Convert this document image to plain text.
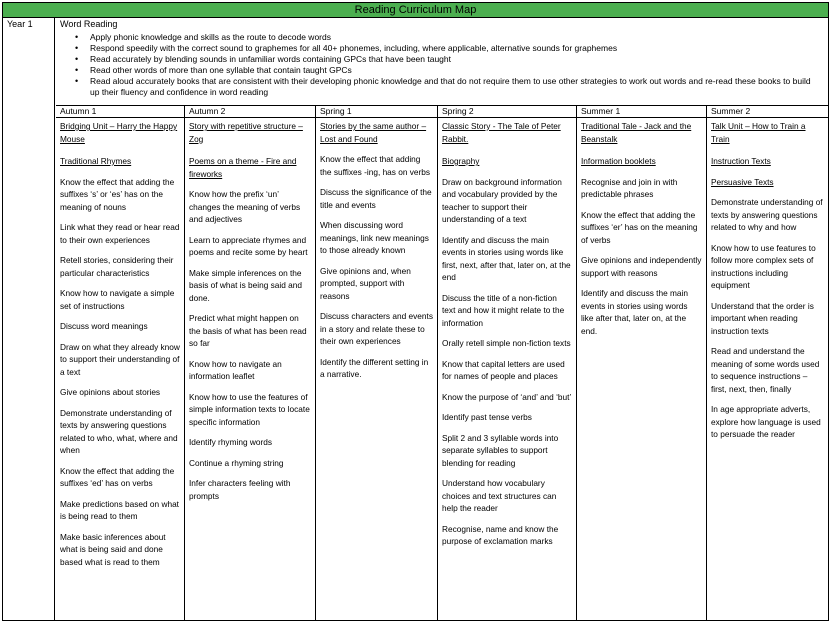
Reading Curriculum Map
Year 1	Word Reading
• Apply phonic knowledge and skills as the route to decode words
• Respond speedily with the correct sound to graphemes for all 40+ phonemes, including, where applicable, alternative sounds for graphemes
• Read accurately by blending sounds in unfamiliar words containing GPCs that have been taught
• Read other words of more than one syllable that contain taught GPCs
• Read aloud accurately books that are consistent with their developing phonic knowledge and that do not require them to use other strategies to work out words and re-read these books to build up their fluency and confidence in word reading
Autumn 1
Bridging Unit – Harry the Happy Mouse
Traditional Rhymes
Know the effect that adding the suffixes ‘s’ or ‘es’ has on the meaning of nouns
Link what they read or hear read to their own experiences
Retell stories, considering their particular characteristics
Know how to navigate a simple set of instructions
Discuss word meanings
Draw on what they already know to support their understanding of a text
Give opinions about stories
Demonstrate understanding of texts by answering questions related to who, what, where and when
Know the effect that adding the suffixes ‘ed’ has on verbs
Make predictions based on what is being read to them
Make basic inferences about what is being said and done based what is read to them
Autumn 2
Story with repetitive structure – Zog
Poems on a theme - Fire and fireworks
Know how the prefix ‘un’ changes the meaning of verbs and adjectives
Learn to appreciate rhymes and poems and recite some by heart
Make simple inferences on the basis of what is being said and done.
Predict what might happen on the basis of what has been read so far
Know how to navigate an information leaflet
Know how to use the features of simple information texts to locate specific information
Identify rhyming words
Continue a rhyming string
Infer characters feeling with prompts
Spring 1
Stories by the same author – Lost and Found
Know the effect that adding the suffixes -ing, has on verbs
Discuss the significance of the title and events
When discussing word meanings, link new meanings to those already known
Give opinions and, when prompted, support with reasons
Discuss characters and events in a story and relate these to their own experiences
Identify the different setting in a narrative.
Spring 2
Classic Story - The Tale of Peter Rabbit.
Biography
Draw on background information and vocabulary provided by the teacher to support their understanding of a text
Identify and discuss the main events in stories using words like first, next, after that, later on, at the end
Discuss the title of a non-fiction text and how it might relate to the information
Orally retell simple non-fiction texts
Know that capital letters are used for names of people and places
Know the purpose of ‘and’ and ‘but’
Identify past tense verbs
Split 2 and 3 syllable words into separate syllables to support blending for reading
Understand how vocabulary choices and text structures can help the reader
Recognise, name and know the purpose of exclamation marks
Summer 1
Traditional Tale - Jack and the Beanstalk
Information booklets
Recognise and join in with predictable phrases
Know the effect that adding the suffixes ‘er’ has on the meaning of verbs
Give opinions and independently support with reasons
Identify and discuss the main events in stories using words like after that, later on, at the end.
Summer 2
Talk Unit – How to Train a Train
Instruction Texts
Persuasive Texts
Demonstrate understanding of texts by answering questions related to why and how
Know how to use features to follow more complex sets of instructions including equipment
Understand that the order is important when reading instruction texts
Read and understand the meaning of some words used to sequence instructions – first, next, then, finally
In age appropriate adverts, explore how language is used to persuade the reader
